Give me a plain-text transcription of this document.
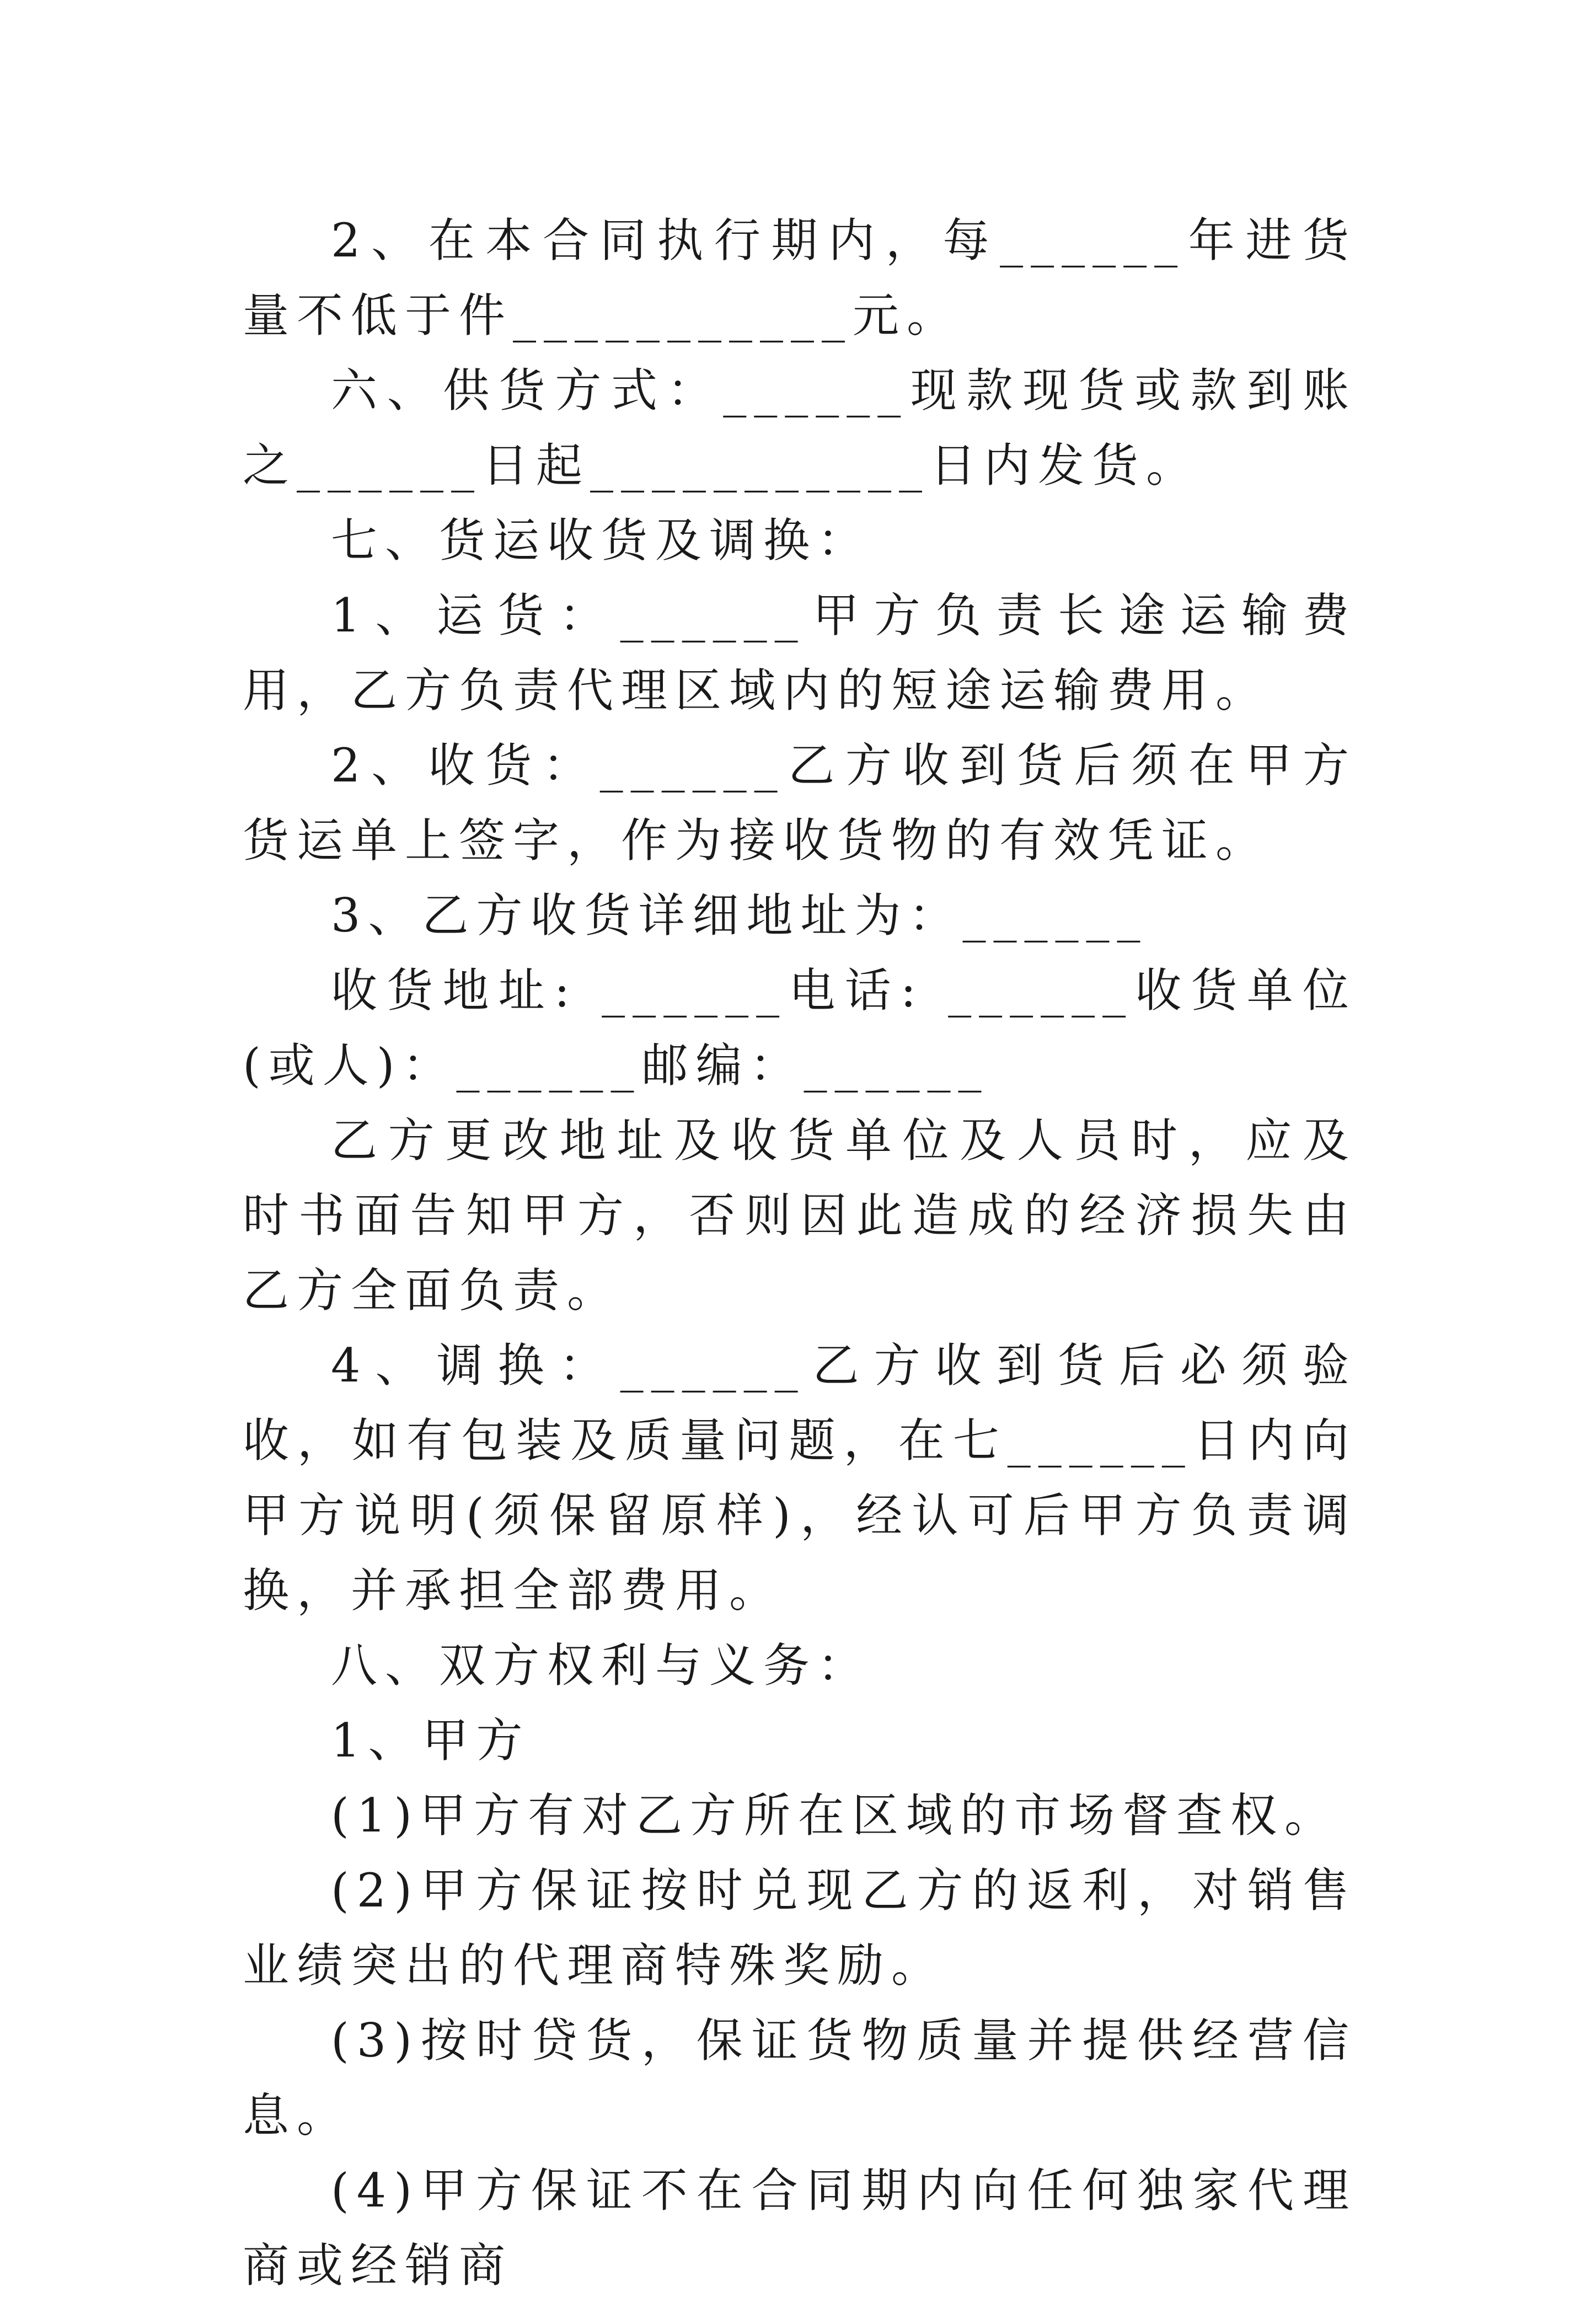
2、在本合同执行期内，每______年进货量不低于件___________元。

六、供货方式：______现款现货或款到账之______日起___________日内发货。

七、货运收货及调换：

1、运货：______甲方负责长途运输费用，乙方负责代理区域内的短途运输费用。

2、收货：______乙方收到货后须在甲方货运单上签字，作为接收货物的有效凭证。

3、乙方收货详细地址为：______

收货地址: ______电话: ______收货单位(或人)：______邮编：______

乙方更改地址及收货单位及人员时，应及时书面告知甲方，否则因此造成的经济损失由乙方全面负责。

4、调换：______乙方收到货后必须验收，如有包装及质量问题，在七______日内向甲方说明(须保留原样)，经认可后甲方负责调换，并承担全部费用。

八、双方权利与义务：

1、甲方

(1)甲方有对乙方所在区域的市场督查权。

(2)甲方保证按时兑现乙方的返利，对销售业绩突出的代理商特殊奖励。

(3)按时贷货，保证货物质量并提供经营信息。

(4)甲方保证不在合同期内向任何独家代理商或经销商
